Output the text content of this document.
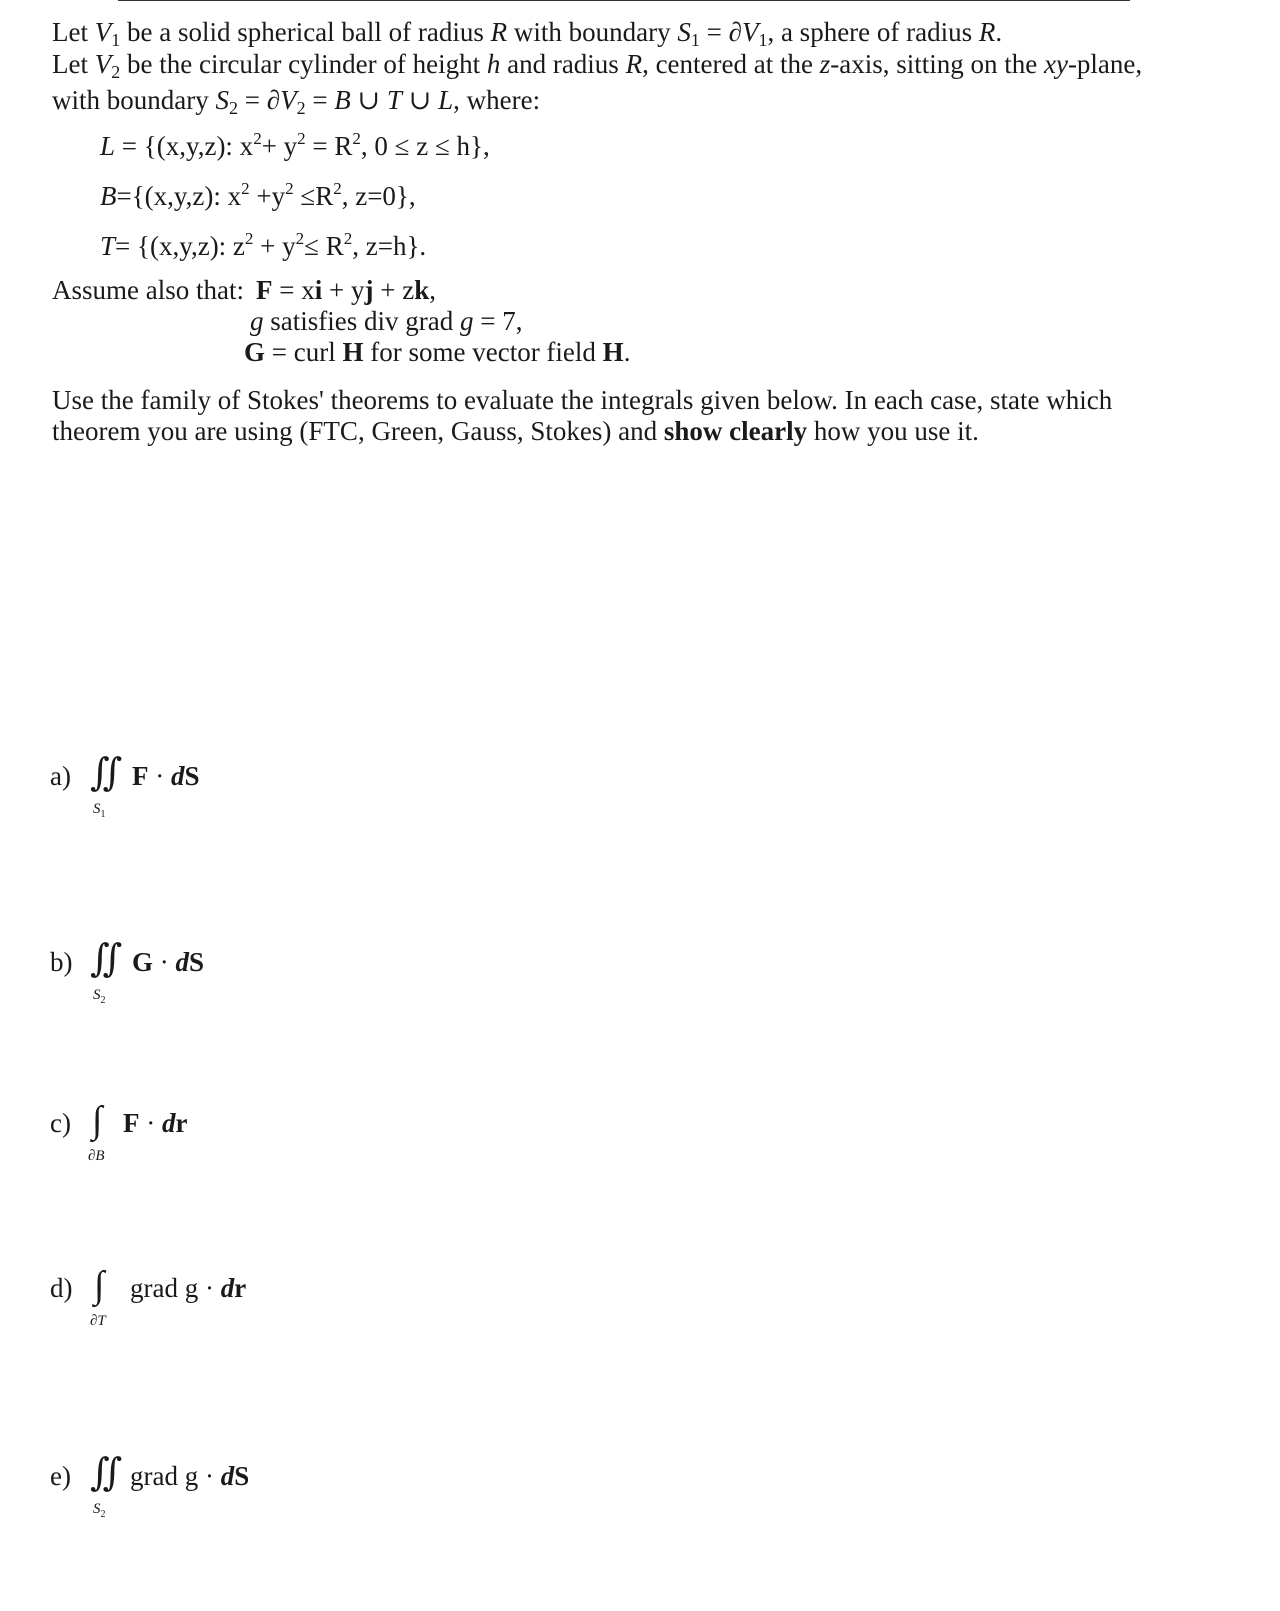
Let $V_1$ be a solid spherical ball of radius R with boundary $S_1 = \partial V_1$, a sphere of radius R.
Let $V_2$ be the circular cylinder of height h and radius R, centered at the z-axis, sitting on the xy-plane,
with boundary $S_2 = \partial V_2 = B$ ∪ T ∪ L, where:
L = {(x,y,z): $x^2+ y^2 = R^2$, 0 ≤ z ≤ h},
B={(x,y,z): $x^2 +y^2 \le R^2$, z=0},
T= {(x,y,z): $z^2 + y^2\le R^2$, z=h}.
Assume also that: F = xi + yj + zk,
g satisfies div grad g = 7,
G = curl H for some vector field H.
Use the family of Stokes' theorems to evaluate the integrals given below. In each case, state which
theorem you are using (FTC, Green, Gauss, Stokes) and show clearly how you use it.
a) ∬
$S_1$
F · dS
b) ∬
$S_2$
G · dS
c) ∫
∂B
F · dr
d) ∫
∂T
grad g · dr
e) ∬
$S_2$
grad g · dS
